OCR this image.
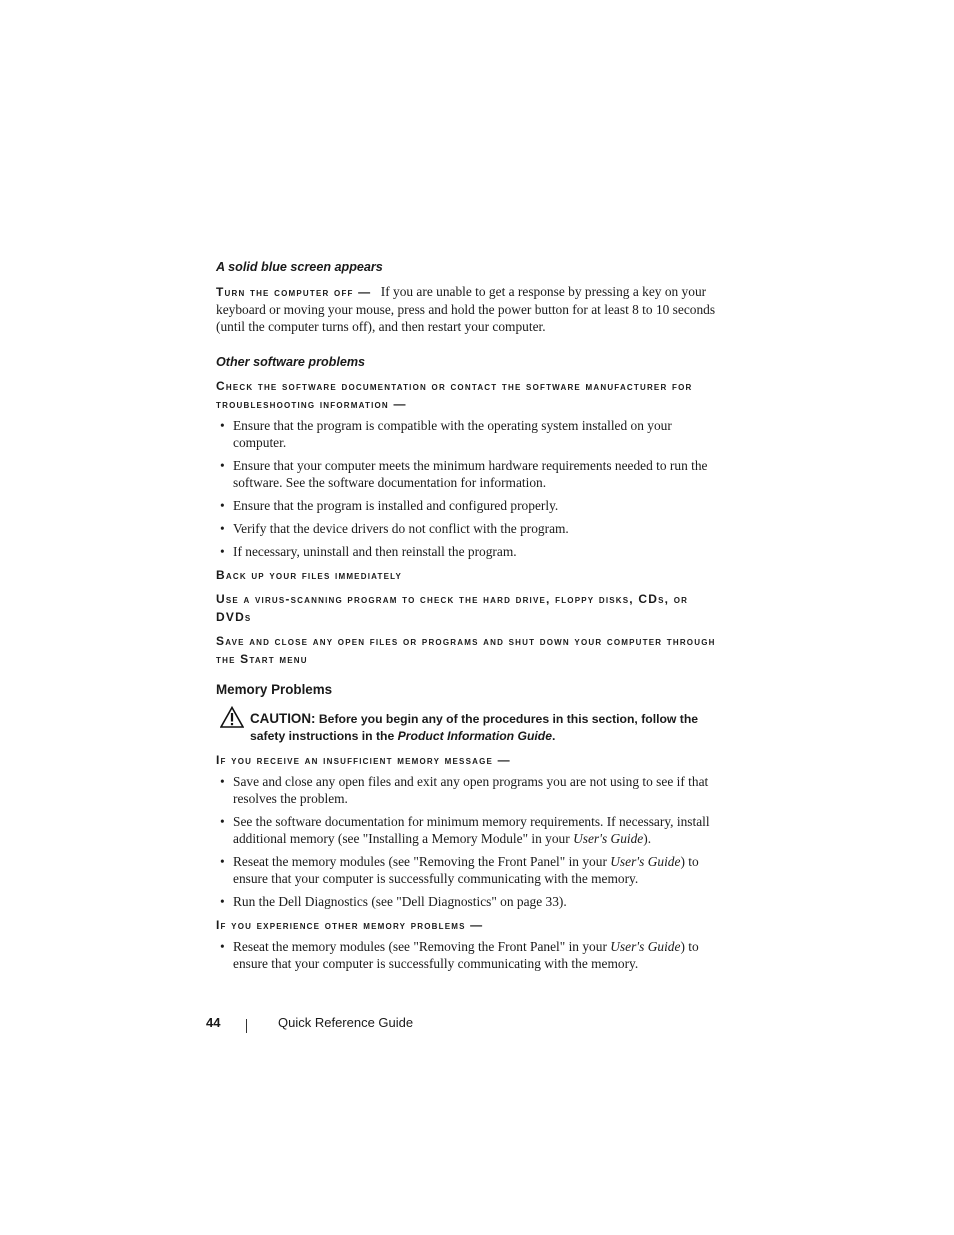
A solid blue screen appears

Turn the computer off — If you are unable to get a response by pressing a key on your keyboard or moving your mouse, press and hold the power button for at least 8 to 10 seconds (until the computer turns off), and then restart your computer.

Other software problems

Check the software documentation or contact the software manufacturer for troubleshooting information —

• Ensure that the program is compatible with the operating system installed on your computer.
• Ensure that your computer meets the minimum hardware requirements needed to run the software. See the software documentation for information.
• Ensure that the program is installed and configured properly.
• Verify that the device drivers do not conflict with the program.
• If necessary, uninstall and then reinstall the program.

Back up your files immediately

Use a virus-scanning program to check the hard drive, floppy disks, CDs, or DVDs

Save and close any open files or programs and shut down your computer through the Start menu

Memory Problems
CAUTION: Before you begin any of the procedures in this section, follow the safety instructions in the Product Information Guide.

If you receive an insufficient memory message —

• Save and close any open files and exit any open programs you are not using to see if that resolves the problem.
• See the software documentation for minimum memory requirements. If necessary, install additional memory (see "Installing a Memory Module" in your User's Guide).
• Reseat the memory modules (see "Removing the Front Panel" in your User's Guide) to ensure that your computer is successfully communicating with the memory.
• Run the Dell Diagnostics (see "Dell Diagnostics" on page 33).

If you experience other memory problems —

• Reseat the memory modules (see "Removing the Front Panel" in your User's Guide) to ensure that your computer is successfully communicating with the memory.
44	Quick Reference Guide
